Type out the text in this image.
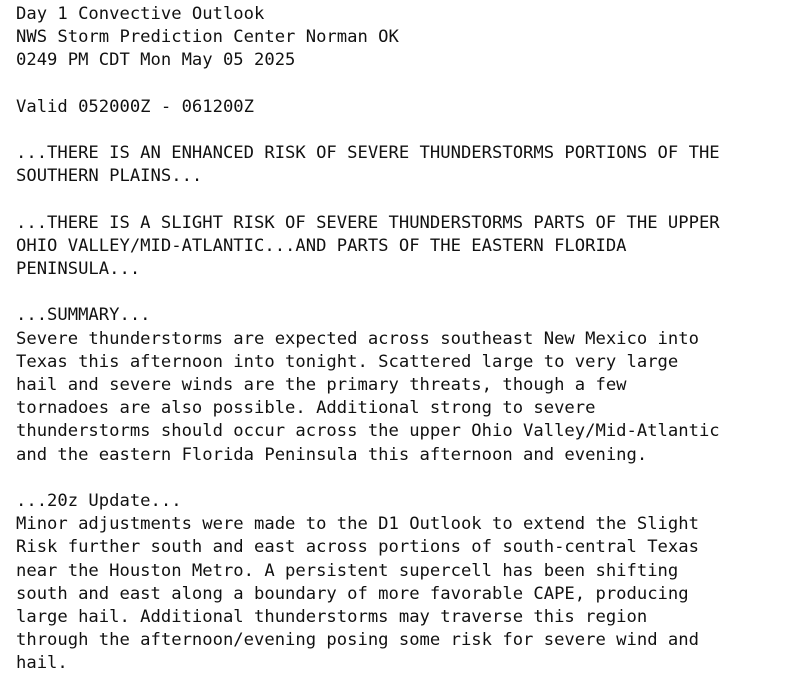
Day 1 Convective Outlook
NWS Storm Prediction Center Norman OK
0249 PM CDT Mon May 05 2025
Valid 052000Z - 061200Z
...THERE IS AN ENHANCED RISK OF SEVERE THUNDERSTORMS PORTIONS OF THE
SOUTHERN PLAINS...
...THERE IS A SLIGHT RISK OF SEVERE THUNDERSTORMS PARTS OF THE UPPER
OHIO VALLEY/MID-ATLANTIC...AND PARTS OF THE EASTERN FLORIDA
PENINSULA...
...SUMMARY...
Severe thunderstorms are expected across southeast New Mexico into
Texas this afternoon into tonight. Scattered large to very large
hail and severe winds are the primary threats, though a few
tornadoes are also possible. Additional strong to severe
thunderstorms should occur across the upper Ohio Valley/Mid-Atlantic
and the eastern Florida Peninsula this afternoon and evening.
...20z Update...
Minor adjustments were made to the D1 Outlook to extend the Slight
Risk further south and east across portions of south-central Texas
near the Houston Metro. A persistent supercell has been shifting
south and east along a boundary of more favorable CAPE, producing
large hail. Additional thunderstorms may traverse this region
through the afternoon/evening posing some risk for severe wind and
hail.
